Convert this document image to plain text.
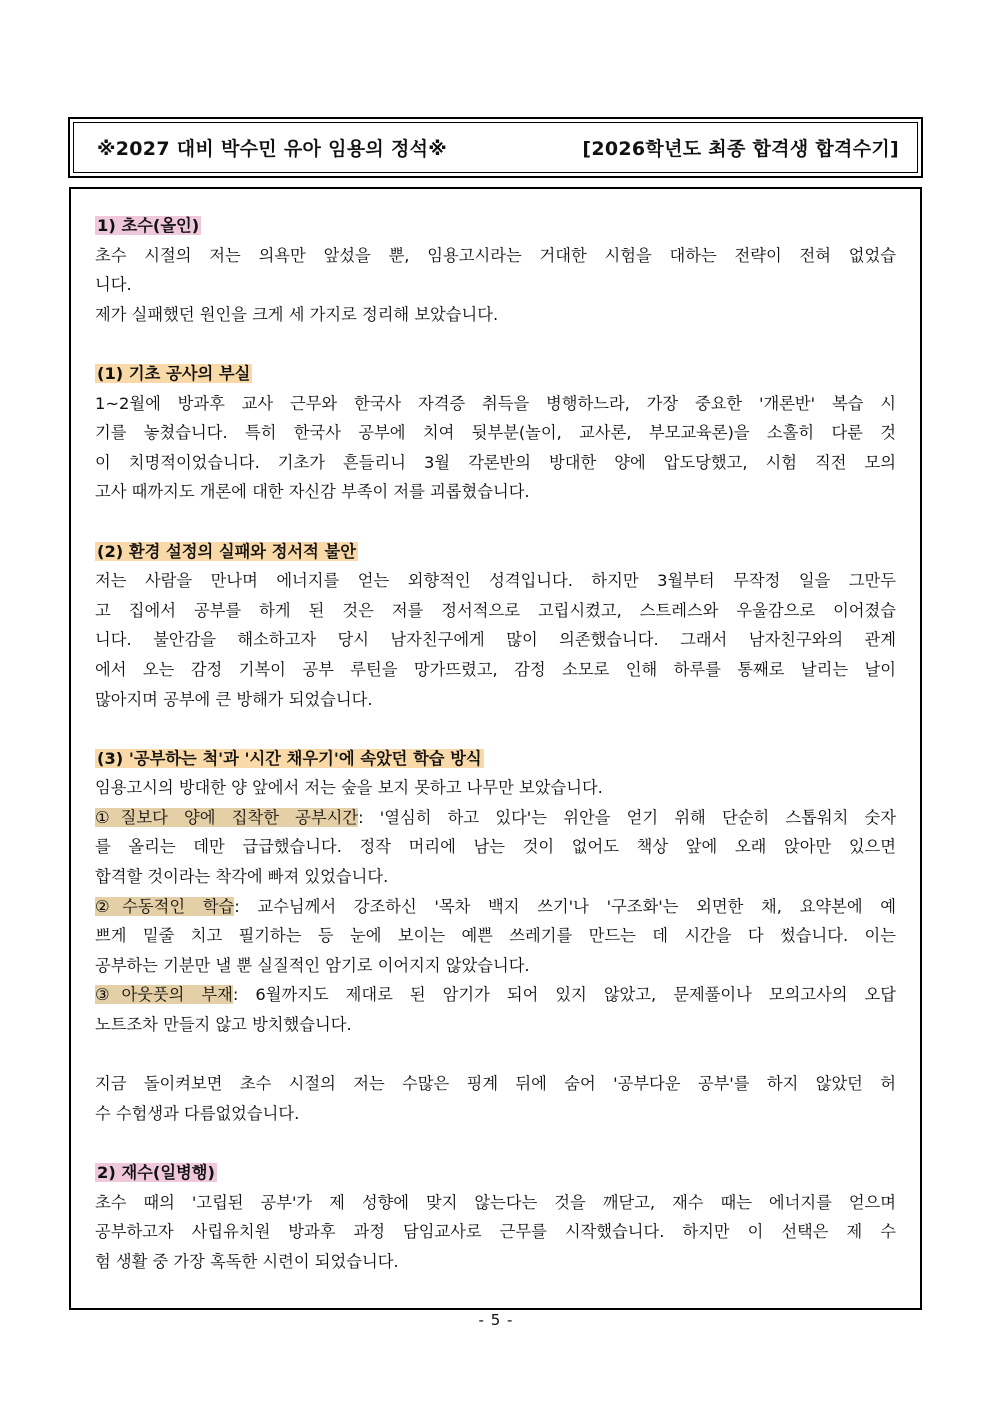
※2027 대비 박수민 유아 임용의 정석※	[2026학년도 최종 합격생 합격수기]
1) 초수(올인)
초수 시절의 저는 의욕만 앞섰을 뿐, 임용고시라는 거대한 시험을 대하는 전략이 전혀 없었습
니다.
제가 실패했던 원인을 크게 세 가지로 정리해 보았습니다.
(1) 기초 공사의 부실
1~2월에 방과후 교사 근무와 한국사 자격증 취득을 병행하느라, 가장 중요한 '개론반' 복습 시
기를 놓쳤습니다. 특히 한국사 공부에 치여 뒷부분(놀이, 교사론, 부모교육론)을 소홀히 다룬 것
이 치명적이었습니다. 기초가 흔들리니 3월 각론반의 방대한 양에 압도당했고, 시험 직전 모의
고사 때까지도 개론에 대한 자신감 부족이 저를 괴롭혔습니다.
(2) 환경 설정의 실패와 정서적 불안
저는 사람을 만나며 에너지를 얻는 외향적인 성격입니다. 하지만 3월부터 무작정 일을 그만두
고 집에서 공부를 하게 된 것은 저를 정서적으로 고립시켰고, 스트레스와 우울감으로 이어졌습
니다. 불안감을 해소하고자 당시 남자친구에게 많이 의존했습니다. 그래서 남자친구와의 관계
에서 오는 감정 기복이 공부 루틴을 망가뜨렸고, 감정 소모로 인해 하루를 통째로 날리는 날이
많아지며 공부에 큰 방해가 되었습니다.
(3) '공부하는 척'과 '시간 채우기'에 속았던 학습 방식
임용고시의 방대한 양 앞에서 저는 숲을 보지 못하고 나무만 보았습니다.
①질보다 양에 집착한 공부시간: '열심히 하고 있다'는 위안을 얻기 위해 단순히 스톱워치 숫자
를 올리는 데만 급급했습니다. 정작 머리에 남는 것이 없어도 책상 앞에 오래 앉아만 있으면
합격할 것이라는 착각에 빠져 있었습니다.
②수동적인 학습: 교수님께서 강조하신 '목차 백지 쓰기'나 '구조화'는 외면한 채, 요약본에 예
쁘게 밑줄 치고 필기하는 등 눈에 보이는 예쁜 쓰레기를 만드는 데 시간을 다 썼습니다. 이는
공부하는 기분만 낼 뿐 실질적인 암기로 이어지지 않았습니다.
③아웃풋의 부재: 6월까지도 제대로 된 암기가 되어 있지 않았고, 문제풀이나 모의고사의 오답
노트조차 만들지 않고 방치했습니다.
지금 돌이켜보면 초수 시절의 저는 수많은 핑계 뒤에 숨어 '공부다운 공부'를 하지 않았던 허
수 수험생과 다름없었습니다.
2) 재수(일병행)
초수 때의 '고립된 공부'가 제 성향에 맞지 않는다는 것을 깨닫고, 재수 때는 에너지를 얻으며
공부하고자 사립유치원 방과후 과정 담임교사로 근무를 시작했습니다. 하지만 이 선택은 제 수
험 생활 중 가장 혹독한 시련이 되었습니다.
- 5 -
